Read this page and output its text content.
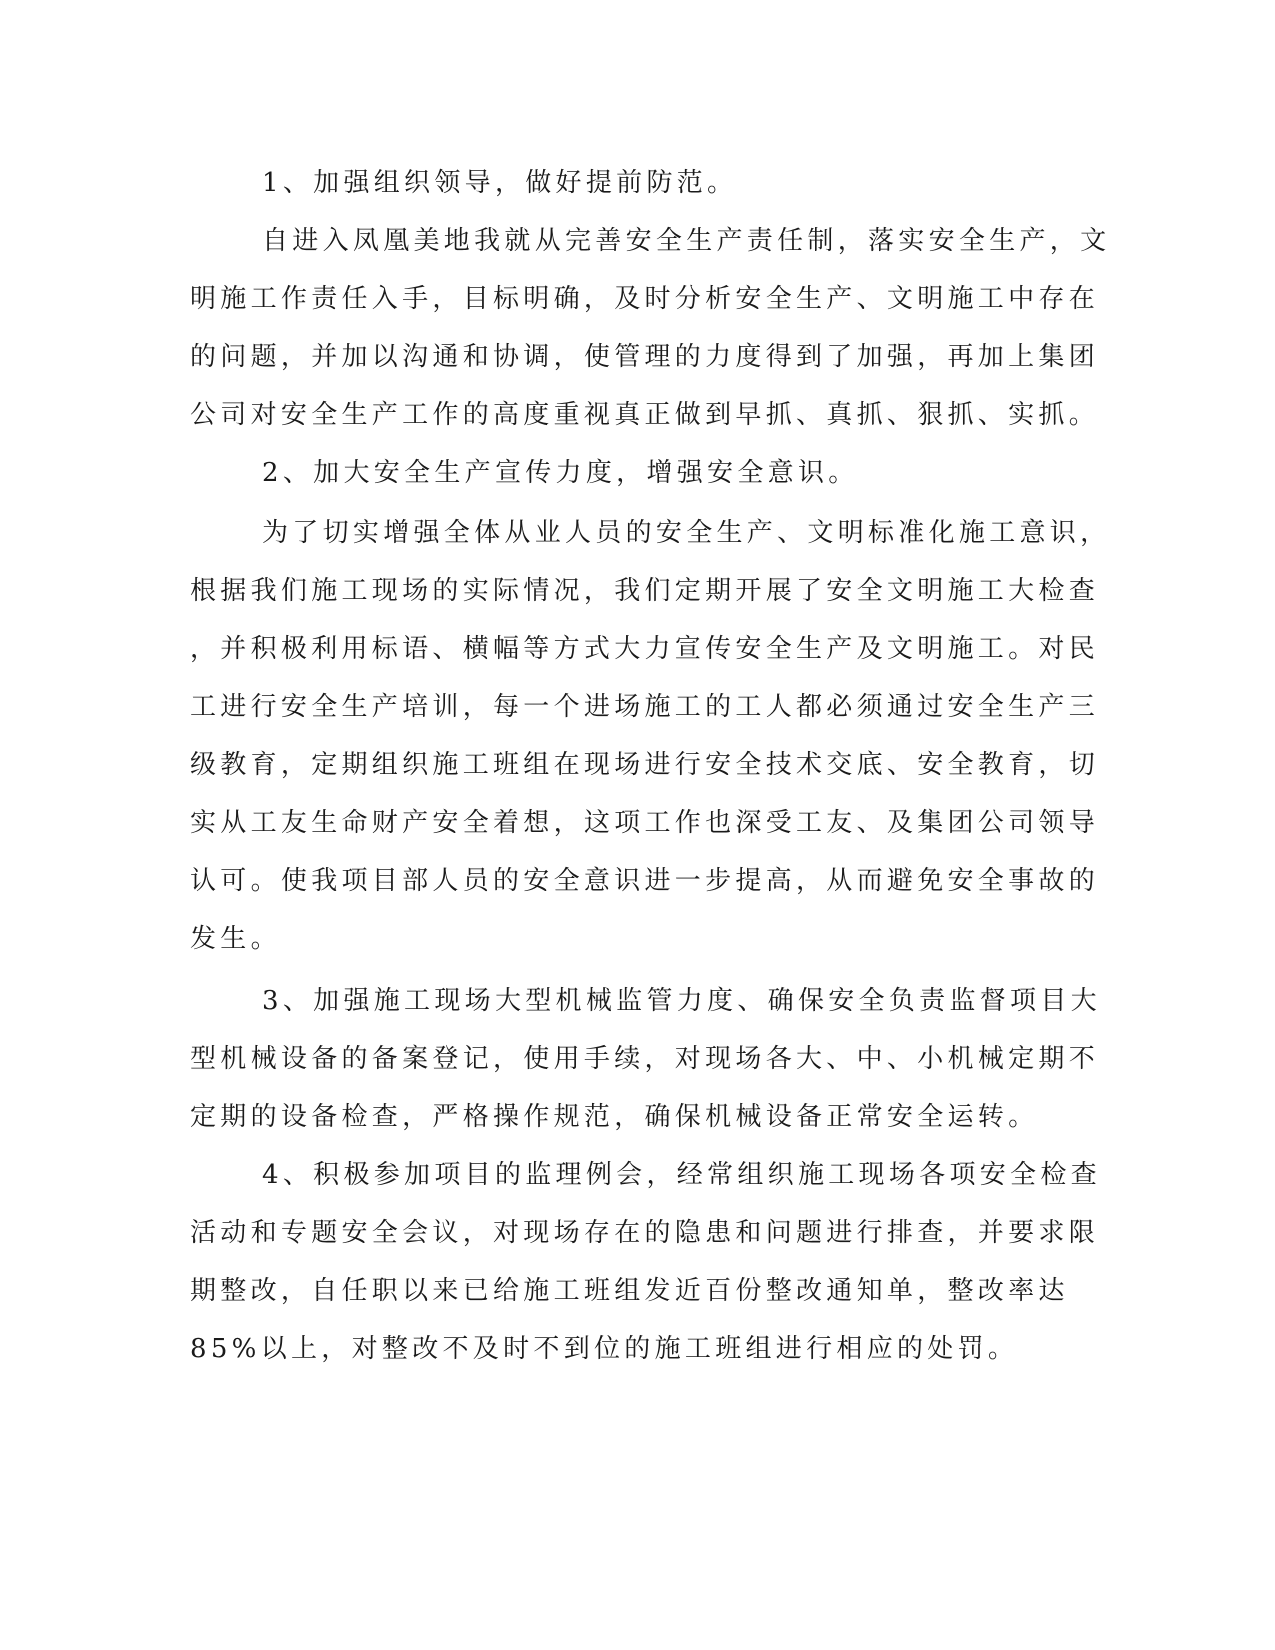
1、加强组织领导，做好提前防范。
自进入凤凰美地我就从完善安全生产责任制，落实安全生产，文
明施工作责任入手，目标明确，及时分析安全生产、文明施工中存在
的问题，并加以沟通和协调，使管理的力度得到了加强，再加上集团
公司对安全生产工作的高度重视真正做到早抓、真抓、狠抓、实抓。
2、加大安全生产宣传力度，增强安全意识。
为了切实增强全体从业人员的安全生产、文明标准化施工意识，
根据我们施工现场的实际情况，我们定期开展了安全文明施工大检查
，并积极利用标语、横幅等方式大力宣传安全生产及文明施工。对民
工进行安全生产培训，每一个进场施工的工人都必须通过安全生产三
级教育，定期组织施工班组在现场进行安全技术交底、安全教育，切
实从工友生命财产安全着想，这项工作也深受工友、及集团公司领导
认可。使我项目部人员的安全意识进一步提高，从而避免安全事故的
发生。
3、加强施工现场大型机械监管力度、确保安全负责监督项目大
型机械设备的备案登记，使用手续，对现场各大、中、小机械定期不
定期的设备检查，严格操作规范，确保机械设备正常安全运转。
4、积极参加项目的监理例会，经常组织施工现场各项安全检查
活动和专题安全会议，对现场存在的隐患和问题进行排查，并要求限
期整改，自任职以来已给施工班组发近百份整改通知单，整改率达
85%以上，对整改不及时不到位的施工班组进行相应的处罚。
